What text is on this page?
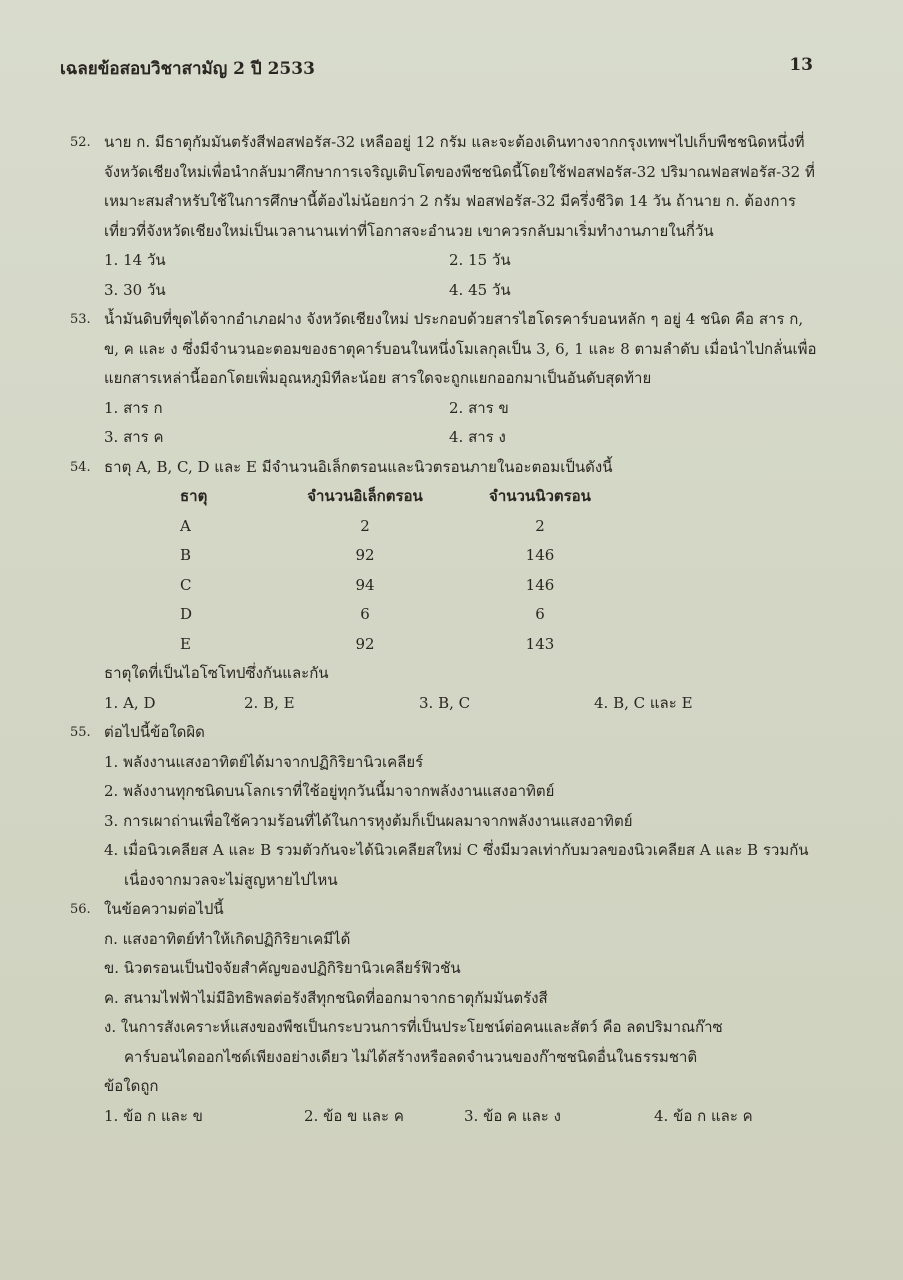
เฉลยข้อสอบวิชาสามัญ 2 ปี 2533	13
52. นาย ก. มีธาตุกัมมันตรังสีฟอสฟอรัส-32 เหลืออยู่ 12 กรัม และจะต้องเดินทางจากกรุงเทพฯไปเก็บพืชชนิดหนึ่งที่จังหวัดเชียงใหม่เพื่อนำกลับมาศึกษาการเจริญเติบโตของพืชชนิดนี้โดยใช้ฟอสฟอรัส-32 ปริมาณฟอสฟอรัส-32 ที่เหมาะสมสำหรับใช้ในการศึกษานี้ต้องไม่น้อยกว่า 2 กรัม ฟอสฟอรัส-32 มีครึ่งชีวิต 14 วัน ถ้านาย ก. ต้องการเที่ยวที่จังหวัดเชียงใหม่เป็นเวลานานเท่าที่โอกาสจะอำนวย เขาควรกลับมาเริ่มทำงานภายในกี่วัน
1. 14 วัน	2. 15 วัน
3. 30 วัน	4. 45 วัน
53. น้ำมันดิบที่ขุดได้จากอำเภอฝาง จังหวัดเชียงใหม่ ประกอบด้วยสารไฮโดรคาร์บอนหลัก ๆ อยู่ 4 ชนิด คือ สาร ก, ข, ค และ ง ซึ่งมีจำนวนอะตอมของธาตุคาร์บอนในหนึ่งโมเลกุลเป็น 3, 6, 1 และ 8 ตามลำดับ เมื่อนำไปกลั่นเพื่อแยกสารเหล่านี้ออกโดยเพิ่มอุณหภูมิทีละน้อย สารใดจะถูกแยกออกมาเป็นอันดับสุดท้าย
1. สาร ก	2. สาร ข
3. สาร ค	4. สาร ง
54. ธาตุ A, B, C, D และ E มีจำนวนอิเล็กตรอนและนิวตรอนภายในอะตอมเป็นดังนี้
ธาตุ	จำนวนอิเล็กตรอน	จำนวนนิวตรอน
A	2	2
B	92	146
C	94	146
D	6	6
E	92	143
ธาตุใดที่เป็นไอโซโทปซึ่งกันและกัน
1. A, D	2. B, E	3. B, C	4. B, C และ E
55. ต่อไปนี้ข้อใดผิด
1. พลังงานแสงอาทิตย์ได้มาจากปฏิกิริยานิวเคลียร์
2. พลังงานทุกชนิดบนโลกเราที่ใช้อยู่ทุกวันนี้มาจากพลังงานแสงอาทิตย์
3. การเผาถ่านเพื่อใช้ความร้อนที่ได้ในการหุงต้มก็เป็นผลมาจากพลังงานแสงอาทิตย์
4. เมื่อนิวเคลียส A และ B รวมตัวกันจะได้นิวเคลียสใหม่ C ซึ่งมีมวลเท่ากับมวลของนิวเคลียส A และ B รวมกัน เนื่องจากมวลจะไม่สูญหายไปไหน
56. ในข้อความต่อไปนี้
ก. แสงอาทิตย์ทำให้เกิดปฏิกิริยาเคมีได้
ข. นิวตรอนเป็นปัจจัยสำคัญของปฏิกิริยานิวเคลียร์ฟิวชัน
ค. สนามไฟฟ้าไม่มีอิทธิพลต่อรังสีทุกชนิดที่ออกมาจากธาตุกัมมันตรังสี
ง. ในการสังเคราะห์แสงของพืชเป็นกระบวนการที่เป็นประโยชน์ต่อคนและสัตว์ คือ ลดปริมาณก๊าซคาร์บอนไดออกไซด์เพียงอย่างเดียว ไม่ได้สร้างหรือลดจำนวนของก๊าซชนิดอื่นในธรรมชาติ
ข้อใดถูก
1. ข้อ ก และ ข	2. ข้อ ข และ ค	3. ข้อ ค และ ง	4. ข้อ ก และ ค
